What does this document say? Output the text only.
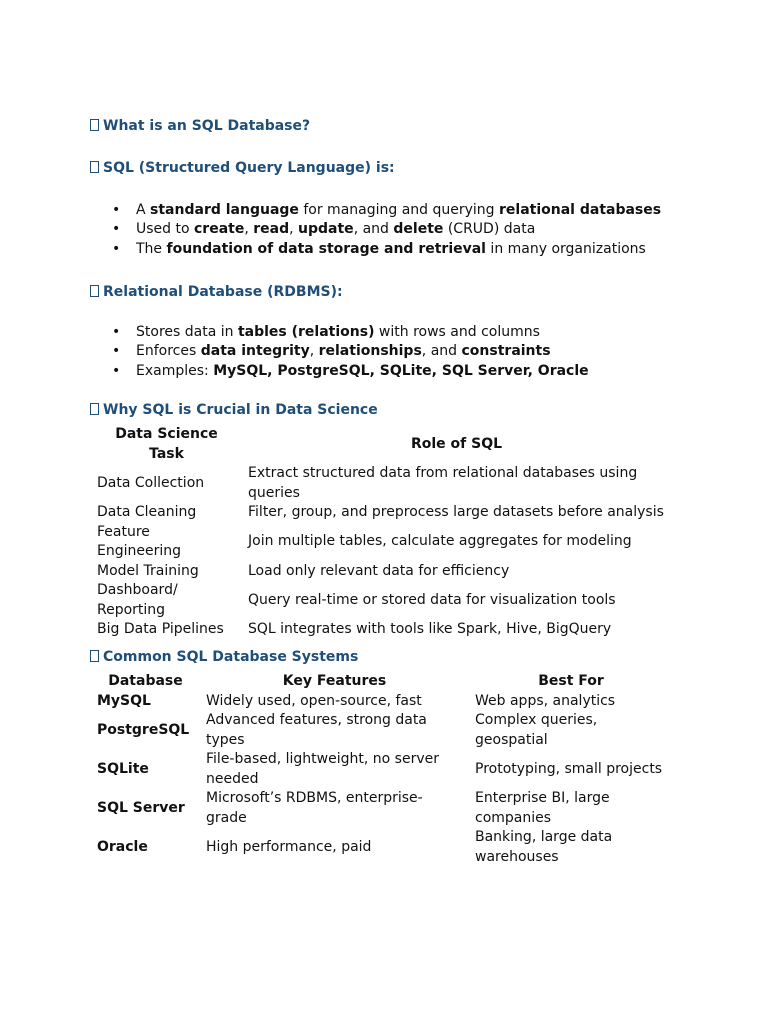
What is an SQL Database?
SQL (Structured Query Language) is:
• A standard language for managing and querying relational databases
• Used to create, read, update, and delete (CRUD) data
• The foundation of data storage and retrieval in many organizations
Relational Database (RDBMS):
• Stores data in tables (relations) with rows and columns
• Enforces data integrity, relationships, and constraints
• Examples: MySQL, PostgreSQL, SQLite, SQL Server, Oracle
Why SQL is Crucial in Data Science
Data Science Task	Role of SQL
Data Collection	Extract structured data from relational databases using queries
Data Cleaning	Filter, group, and preprocess large datasets before analysis
Feature Engineering	Join multiple tables, calculate aggregates for modeling
Model Training	Load only relevant data for efficiency
Dashboard/ Reporting	Query real-time or stored data for visualization tools
Big Data Pipelines	SQL integrates with tools like Spark, Hive, BigQuery
Common SQL Database Systems
Database	Key Features	Best For
MySQL	Widely used, open-source, fast	Web apps, analytics
PostgreSQL	Advanced features, strong data types	Complex queries, geospatial
SQLite	File-based, lightweight, no server needed	Prototyping, small projects
SQL Server	Microsoft’s RDBMS, enterprise-grade	Enterprise BI, large companies
Oracle	High performance, paid	Banking, large data warehouses
